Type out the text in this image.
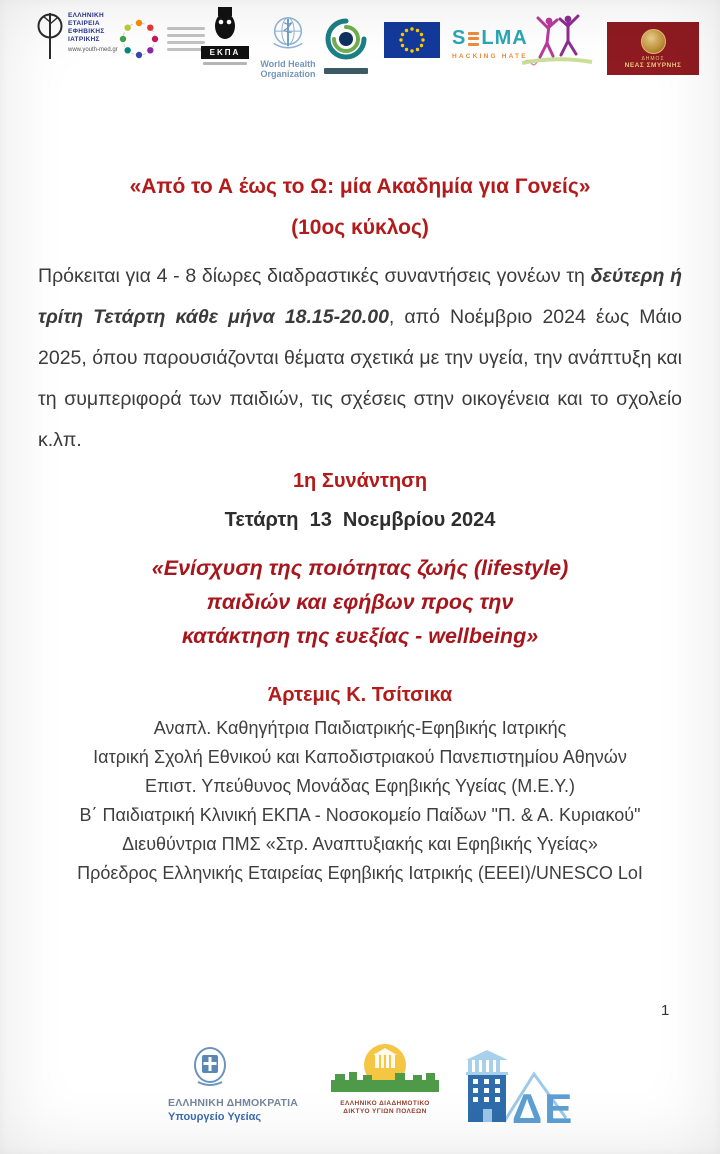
ΕΛΛΗΝΙΚΗ
ΕΤΑΙΡΕΙΑ
ΕΦΗΒΙΚΗΣ
ΙΑΤΡΙΚΗΣ
www.youth-med.gr	ΕΚΠΑ
World Health
Organization
S LMA
HACKING HATE	ΔΗΜΟΣ
ΝΕΑΣ ΣΜΥΡΝΗΣ
«Από το Α έως το Ω: μία Ακαδημία για Γονείς»
(10ος κύκλος)

Πρόκειται για 4 - 8 δίωρες διαδραστικές συναντήσεις γονέων τη δεύτερη ή τρίτη Τετάρτη κάθε μήνα 18.15-20.00, από Νοέμβριο 2024 έως Μάιο 2025, όπου παρουσιάζονται θέματα σχετικά με την υγεία, την ανάπτυξη και τη συμπεριφορά των παιδιών, τις σχέσεις στην οικογένεια και το σχολείο κ.λπ.

1η Συνάντηση
Τετάρτη  13  Νοεμβρίου 2024
«Ενίσχυση της ποιότητας ζωής (lifestyle)
παιδιών και εφήβων προς την
κατάκτηση της ευεξίας - wellbeing»
Άρτεμις Κ. Τσίτσικα
Αναπλ. Καθηγήτρια Παιδιατρικής-Εφηβικής Ιατρικής
Ιατρική Σχολή Εθνικού και Καποδιστριακού Πανεπιστημίου Αθηνών
Επιστ. Υπεύθυνος Μονάδας Εφηβικής Υγείας (Μ.Ε.Υ.)
Β΄ Παιδιατρική Κλινική ΕΚΠΑ - Νοσοκομείο Παίδων "Π. & Α. Κυριακού"
Διευθύντρια ΠΜΣ «Στρ. Αναπτυξιακής και Εφηβικής Υγείας»
Πρόεδρος Ελληνικής Εταιρείας Εφηβικής Ιατρικής (ΕΕΕΙ)/UNESCO LoI
1
ΕΛΛΗΝΙΚΗ ΔΗΜΟΚΡΑΤΙΑ
Υπουργείο Υγείας
ΕΛΛΗΝΙΚΟ ΔΙΑΔΗΜΟΤΙΚΟ
ΔΙΚΤΥΟ ΥΓΙΩΝ ΠΟΛΕΩΝ	ΔΕ
